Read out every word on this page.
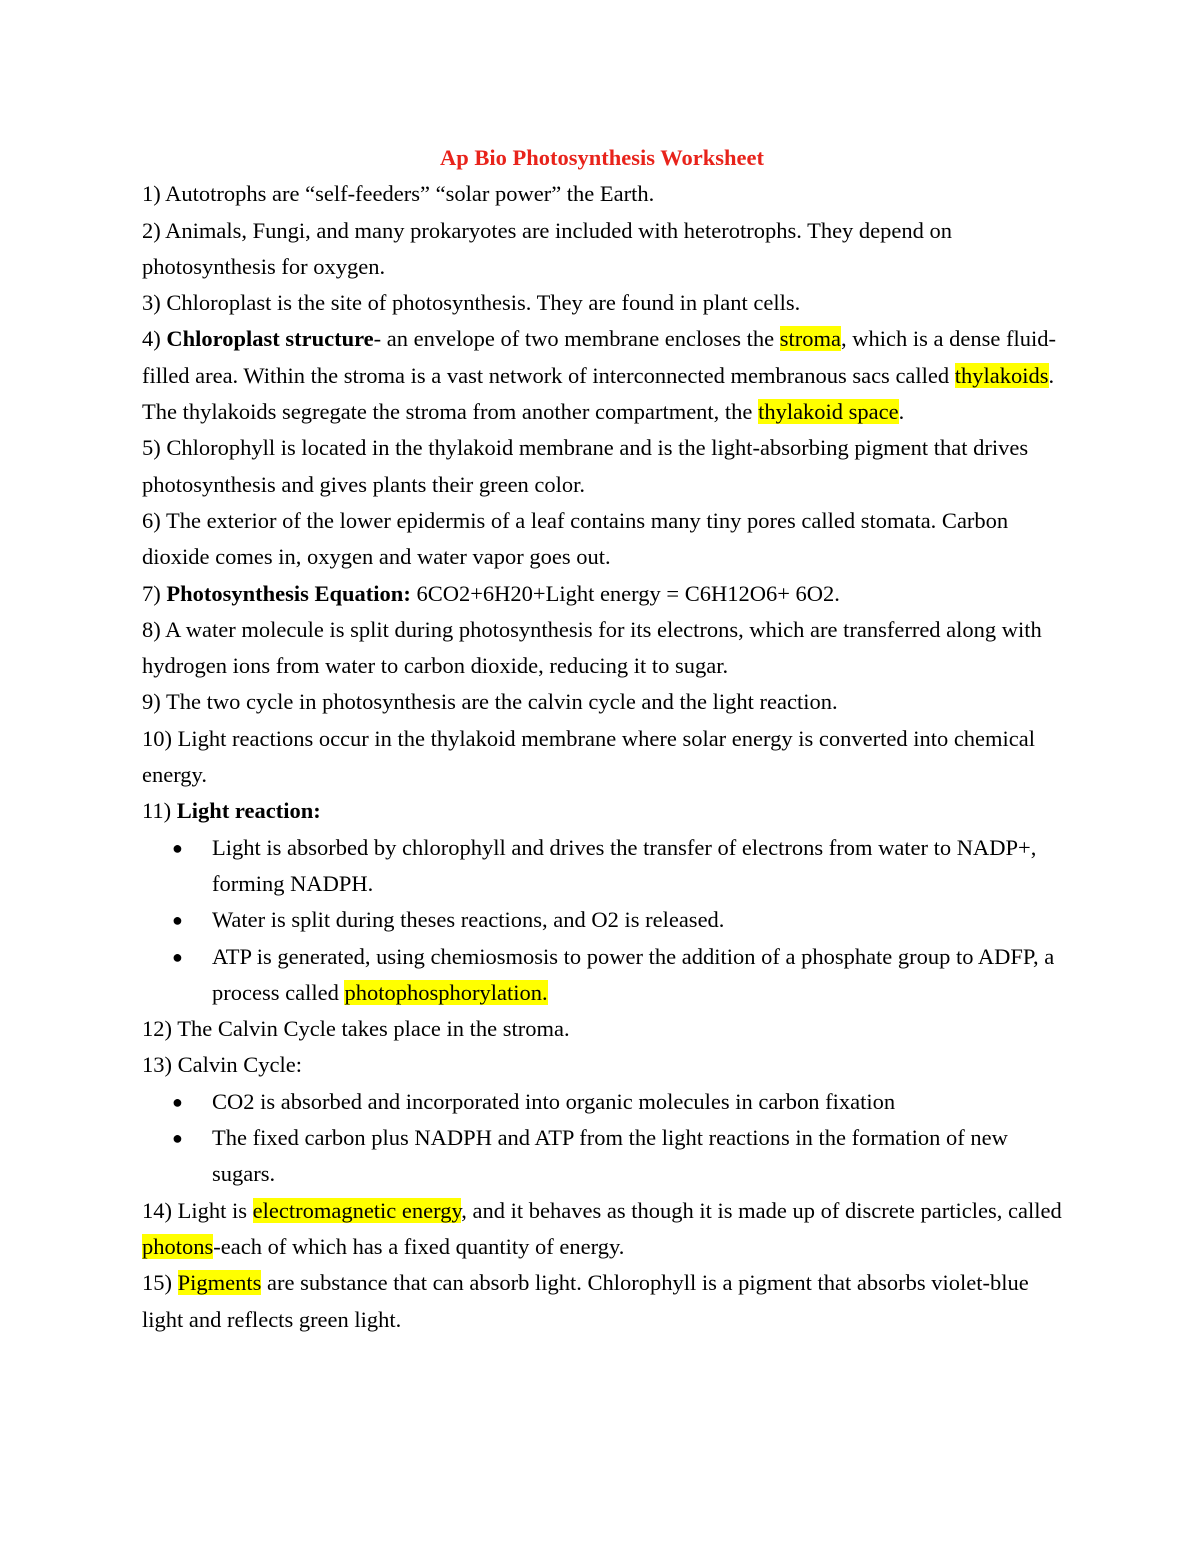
Ap Bio Photosynthesis Worksheet

1) Autotrophs are “self-feeders” “solar power” the Earth.

2) Animals, Fungi, and many prokaryotes are included with heterotrophs. They depend on photosynthesis for oxygen.

3) Chloroplast is the site of photosynthesis. They are found in plant cells.

4) Chloroplast structure- an envelope of two membrane encloses the stroma, which is a dense fluid-filled area. Within the stroma is a vast network of interconnected membranous sacs called thylakoids. The thylakoids segregate the stroma from another compartment, the thylakoid space.

5) Chlorophyll is located in the thylakoid membrane and is the light-absorbing pigment that drives photosynthesis and gives plants their green color.

6) The exterior of the lower epidermis of a leaf contains many tiny pores called stomata. Carbon dioxide comes in, oxygen and water vapor goes out.

7) Photosynthesis Equation: 6CO2+6H20+Light energy = C6H12O6+ 6O2.

8) A water molecule is split during photosynthesis for its electrons, which are transferred along with hydrogen ions from water to carbon dioxide, reducing it to sugar.

9) The two cycle in photosynthesis are the calvin cycle and the light reaction.

10) Light reactions occur in the thylakoid membrane where solar energy is converted into chemical energy.

11) Light reaction:

● Light is absorbed by chlorophyll and drives the transfer of electrons from water to NADP+, forming NADPH.
● Water is split during theses reactions, and O2 is released.
● ATP is generated, using chemiosmosis to power the addition of a phosphate group to ADFP, a process called photophosphorylation.

12) The Calvin Cycle takes place in the stroma.

13) Calvin Cycle:

● CO2 is absorbed and incorporated into organic molecules in carbon fixation
● The fixed carbon plus NADPH and ATP from the light reactions in the formation of new sugars.

14) Light is electromagnetic energy, and it behaves as though it is made up of discrete particles, called photons-each of which has a fixed quantity of energy.

15) Pigments are substance that can absorb light. Chlorophyll is a pigment that absorbs violet-blue light and reflects green light.
